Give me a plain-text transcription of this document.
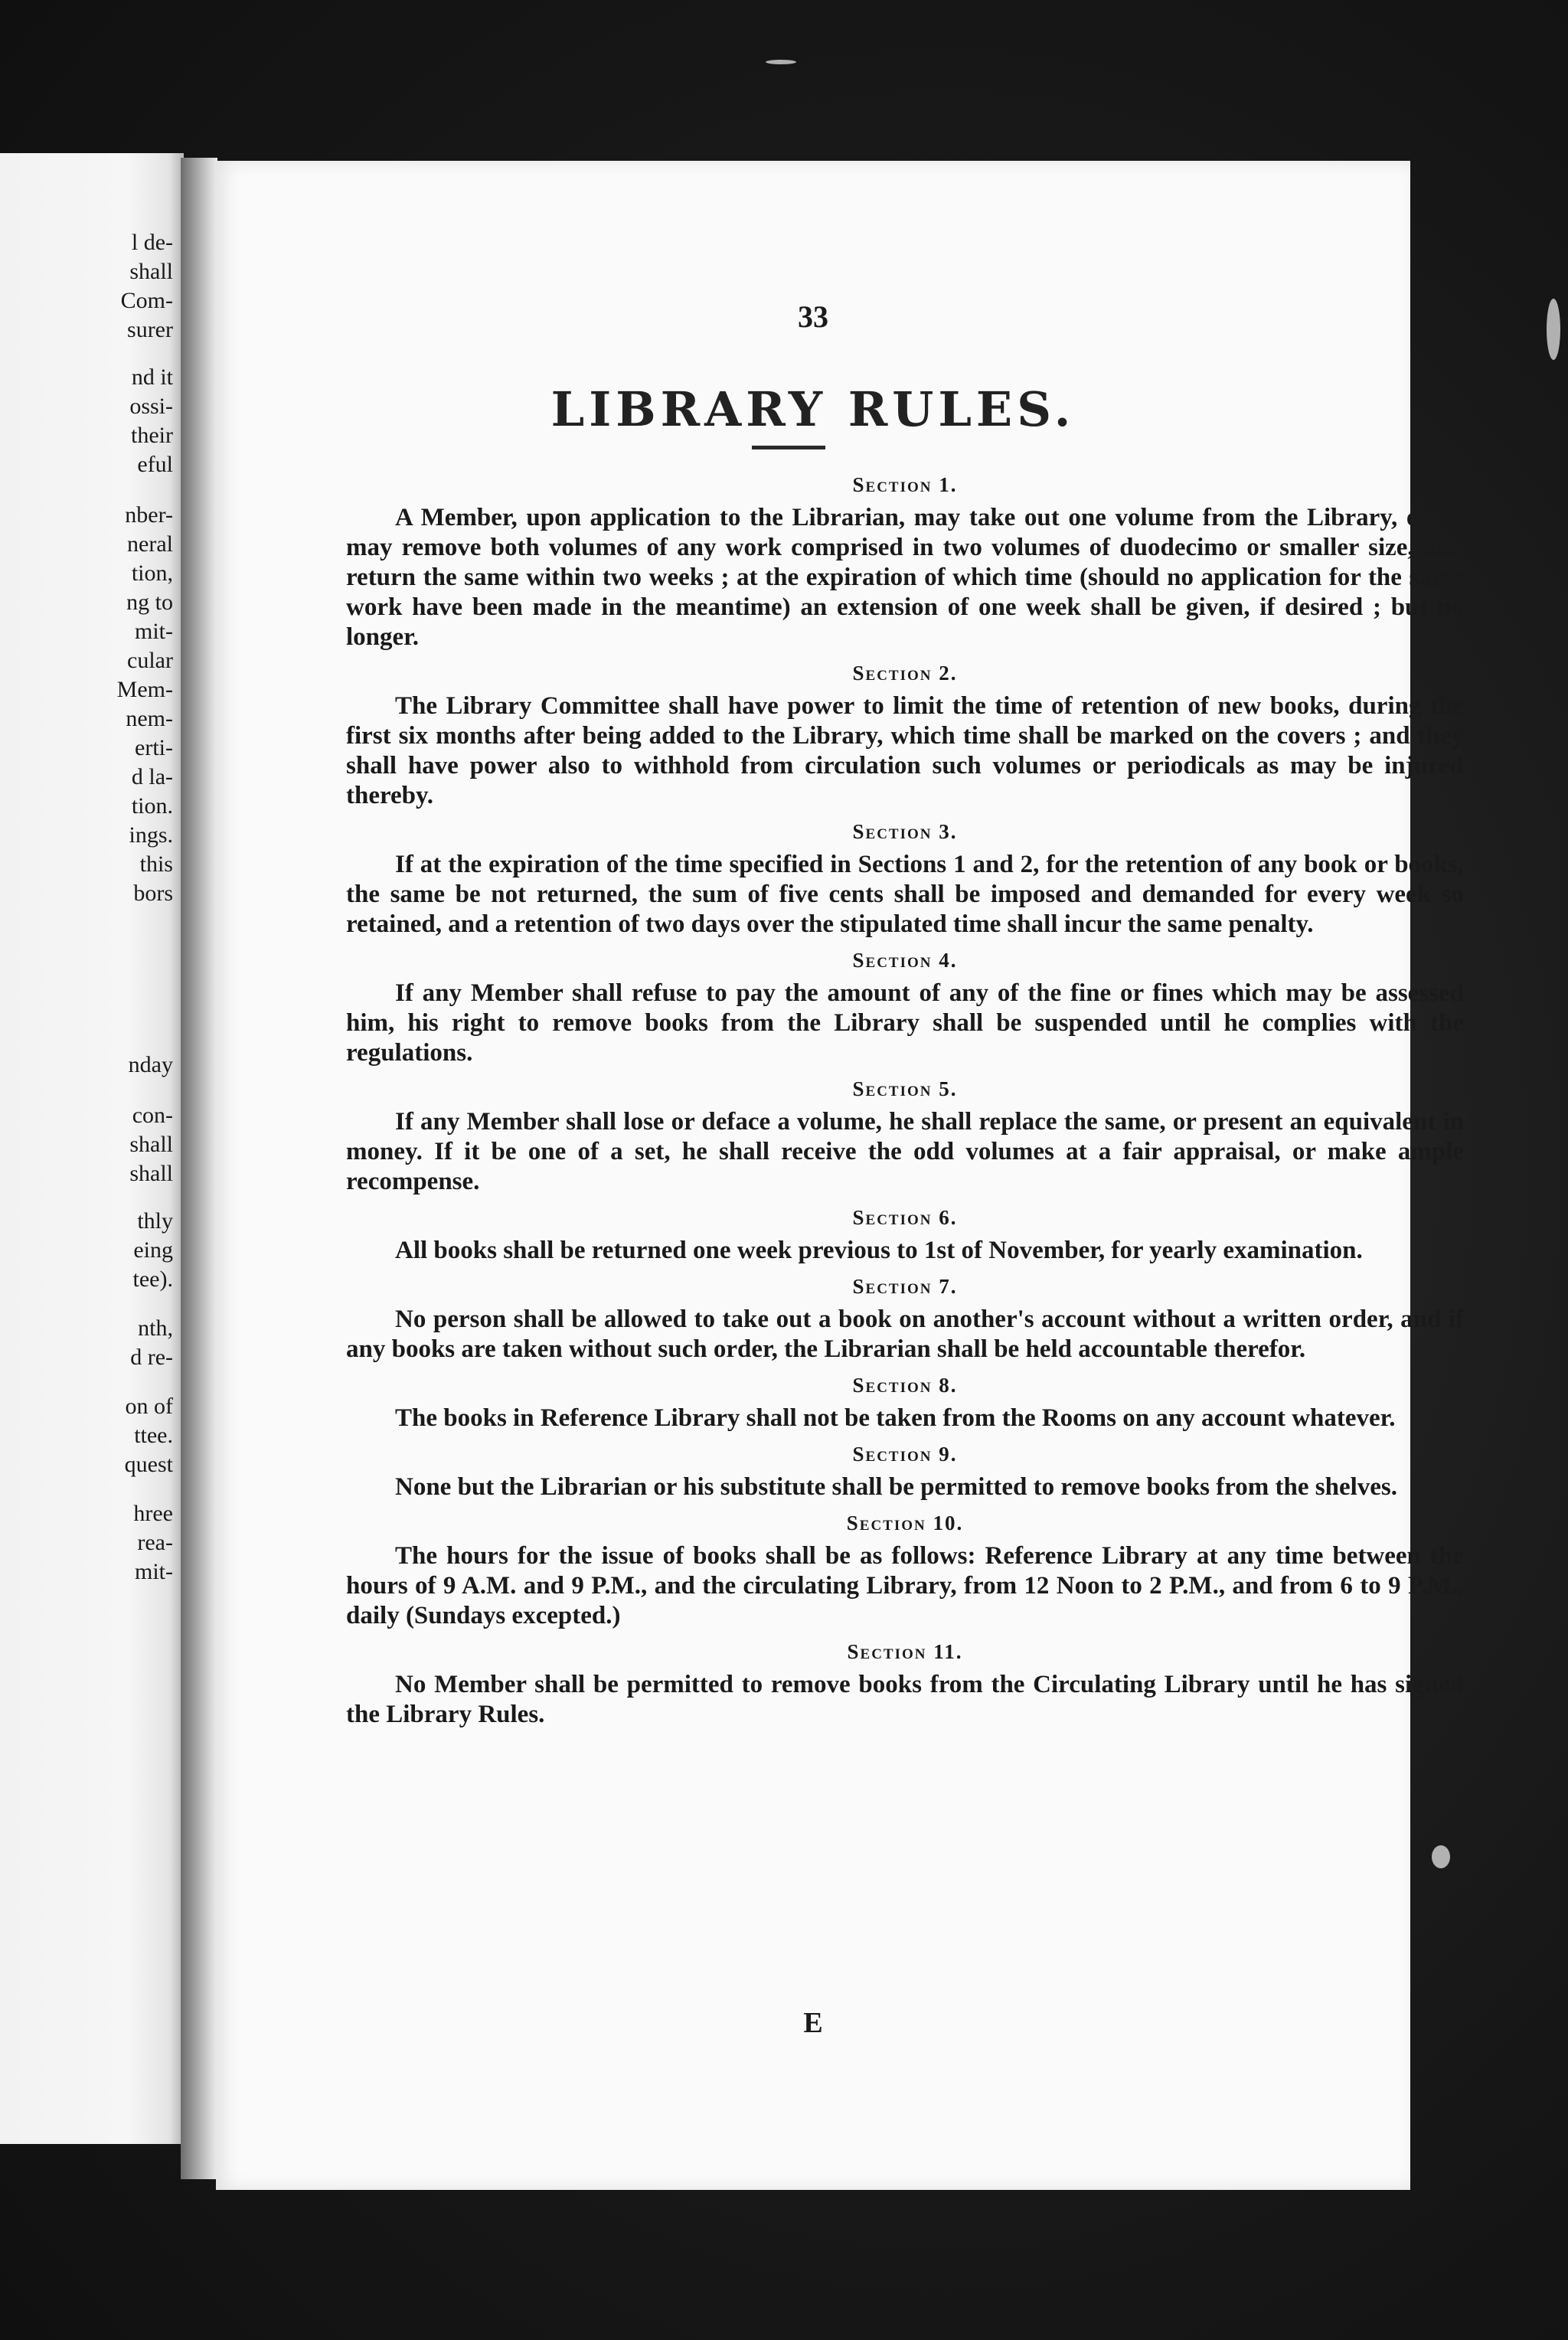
l de-
shall
Com-
surer
nd it
ossi-
their
eful
nber-
neral
tion,
ng to
mit-
cular
Mem-
nem-
erti-
d la-
tion.
ings.
this
bors
nday
con-
shall
shall
thly
eing
tee).
nth,
d re-
on of
ttee.
quest
hree
rea-
mit-
33
LIBRARY RULES.
Section 1.
A Member, upon application to the Librarian, may take out one volume from the Library, or he may remove both volumes of any work comprised in two volumes of duodecimo or smaller size, and return the same within two weeks ; at the expiration of which time (should no application for the same work have been made in the meantime) an extension of one week shall be given, if desired ; but no longer.
Section 2.
The Library Committee shall have power to limit the time of retention of new books, during the first six months after being added to the Library, which time shall be marked on the covers ; and they shall have power also to withhold from circulation such volumes or periodicals as may be injured thereby.
Section 3.
If at the expiration of the time specified in Sections 1 and 2, for the retention of any book or books, the same be not returned, the sum of five cents shall be imposed and demanded for every week so retained, and a retention of two days over the stipulated time shall incur the same penalty.
Section 4.
If any Member shall refuse to pay the amount of any of the fine or fines which may be assessed him, his right to remove books from the Library shall be suspended until he complies with the regulations.
Section 5.
If any Member shall lose or deface a volume, he shall replace the same, or present an equivalent in money. If it be one of a set, he shall receive the odd volumes at a fair appraisal, or make ample recompense.
Section 6.
All books shall be returned one week previous to 1st of November, for yearly examination.
Section 7.
No person shall be allowed to take out a book on another's account without a written order, and if any books are taken without such order, the Librarian shall be held accountable therefor.
Section 8.
The books in Reference Library shall not be taken from the Rooms on any account whatever.
Section 9.
None but the Librarian or his substitute shall be permitted to remove books from the shelves.
Section 10.
The hours for the issue of books shall be as follows: Reference Library at any time between the hours of 9 A.M. and 9 P.M., and the circulating Library, from 12 Noon to 2 P.M., and from 6 to 9 P.M., daily (Sundays excepted.)
Section 11.
No Member shall be permitted to remove books from the Circulating Library until he has signed the Library Rules.
E
